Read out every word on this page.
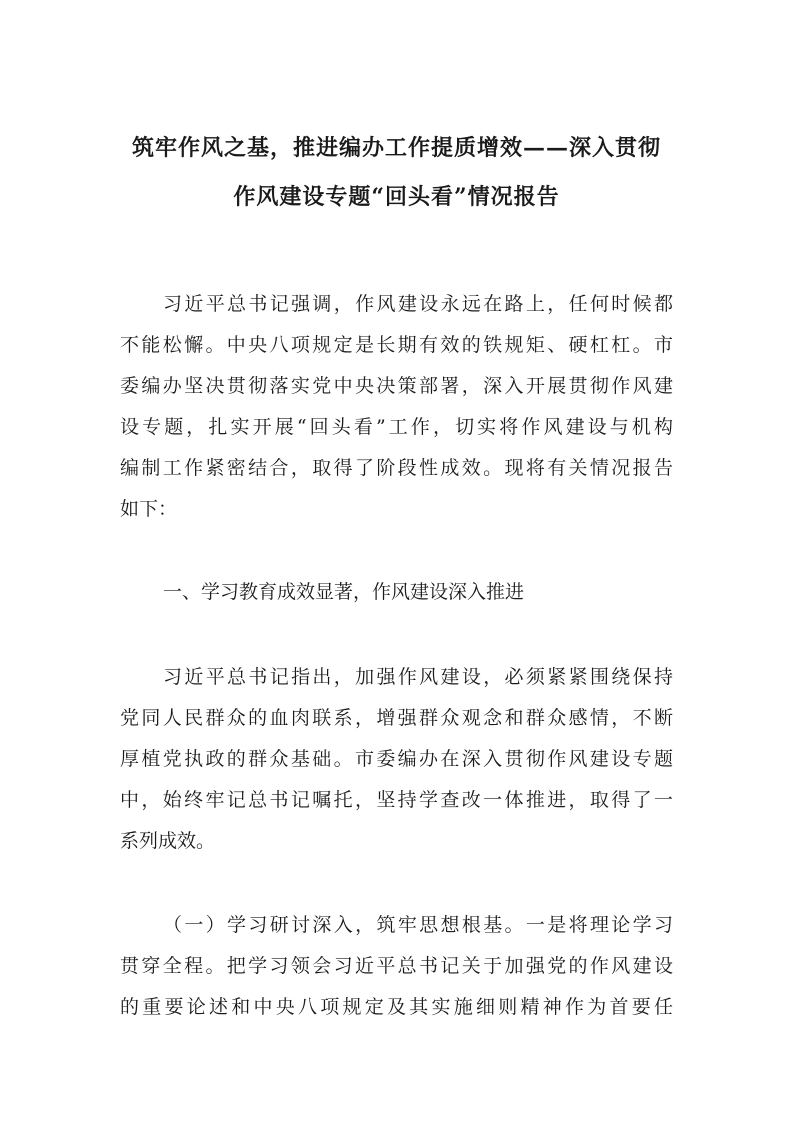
筑牢作风之基，推进编办工作提质增效——深入贯彻
作风建设专题“回头看”情况报告
习近平总书记强调，作风建设永远在路上，任何时候都
不能松懈。中央八项规定是长期有效的铁规矩、硬杠杠。市
委编办坚决贯彻落实党中央决策部署，深入开展贯彻作风建
设专题，扎实开展“回头看”工作，切实将作风建设与机构
编制工作紧密结合，取得了阶段性成效。现将有关情况报告
如下：
一、学习教育成效显著，作风建设深入推进
习近平总书记指出，加强作风建设，必须紧紧围绕保持
党同人民群众的血肉联系，增强群众观念和群众感情，不断
厚植党执政的群众基础。市委编办在深入贯彻作风建设专题
中，始终牢记总书记嘱托，坚持学查改一体推进，取得了一
系列成效。
（一）学习研讨深入，筑牢思想根基。一是将理论学习
贯穿全程。把学习领会习近平总书记关于加强党的作风建设
的重要论述和中央八项规定及其实施细则精神作为首要任
